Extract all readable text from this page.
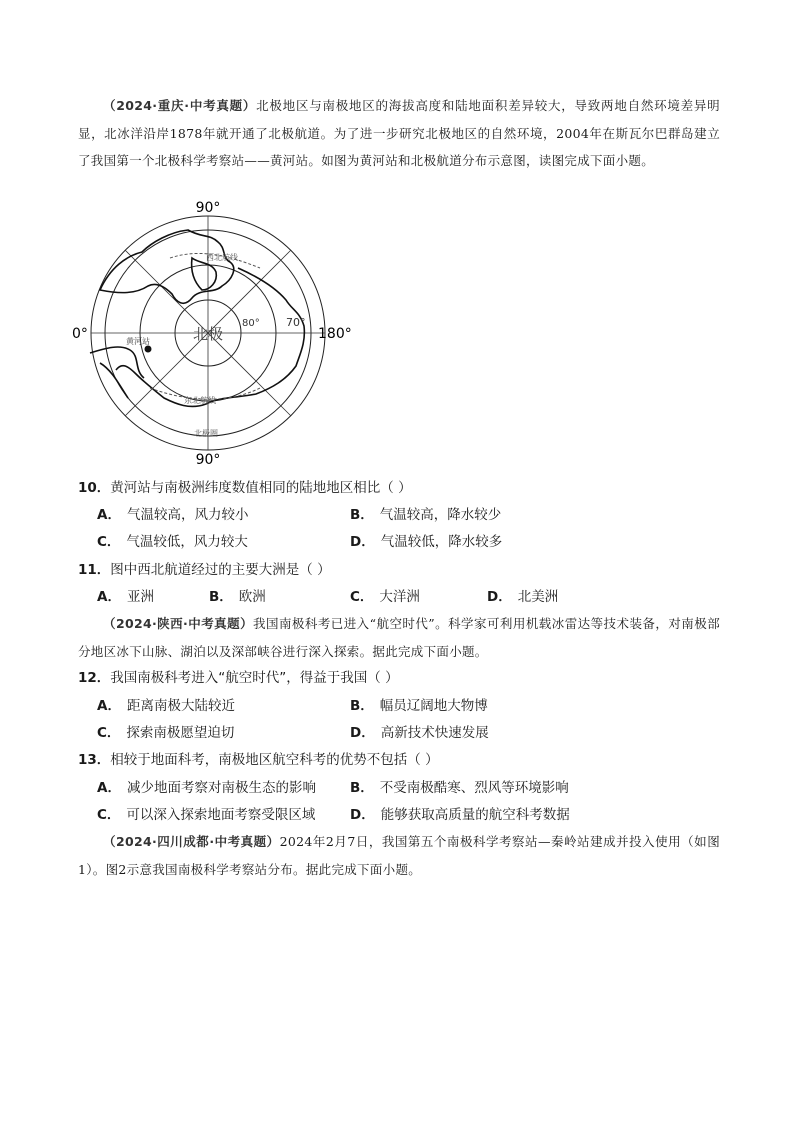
（2024·重庆·中考真题）北极地区与南极地区的海拔高度和陆地面积差异较大，导致两地自然环境差异明显，北冰洋沿岸1878年就开通了北极航道。为了进一步研究北极地区的自然环境，2004年在斯瓦尔巴群岛建立了我国第一个北极科学考察站——黄河站。如图为黄河站和北极航道分布示意图，读图完成下面小题。
90°
90°
0°	180°
北极
80° 70°
黄河站
西北航线
东北航线
北极圈
10．黄河站与南极洲纬度数值相同的陆地地区相比（ ）
A． 气温较高，风力较小	B． 气温较高，降水较少
C． 气温较低，风力较大	D． 气温较低，降水较多
11．图中西北航道经过的主要大洲是（ ）
A． 亚洲	B． 欧洲	C． 大洋洲	D． 北美洲
（2024·陕西·中考真题）我国南极科考已进入“航空时代”。科学家可利用机载冰雷达等技术装备，对南极部分地区冰下山脉、湖泊以及深部峡谷进行深入探索。据此完成下面小题。
12．我国南极科考进入“航空时代”，得益于我国（ ）
A． 距离南极大陆较近	B． 幅员辽阔地大物博
C． 探索南极愿望迫切	D． 高新技术快速发展
13．相较于地面科考，南极地区航空科考的优势不包括（ ）
A． 减少地面考察对南极生态的影响	B． 不受南极酷寒、烈风等环境影响
C． 可以深入探索地面考察受限区域	D． 能够获取高质量的航空科考数据
（2024·四川成都·中考真题）2024年2月7日，我国第五个南极科学考察站—秦岭站建成并投入使用（如图1）。图2示意我国南极科学考察站分布。据此完成下面小题。
